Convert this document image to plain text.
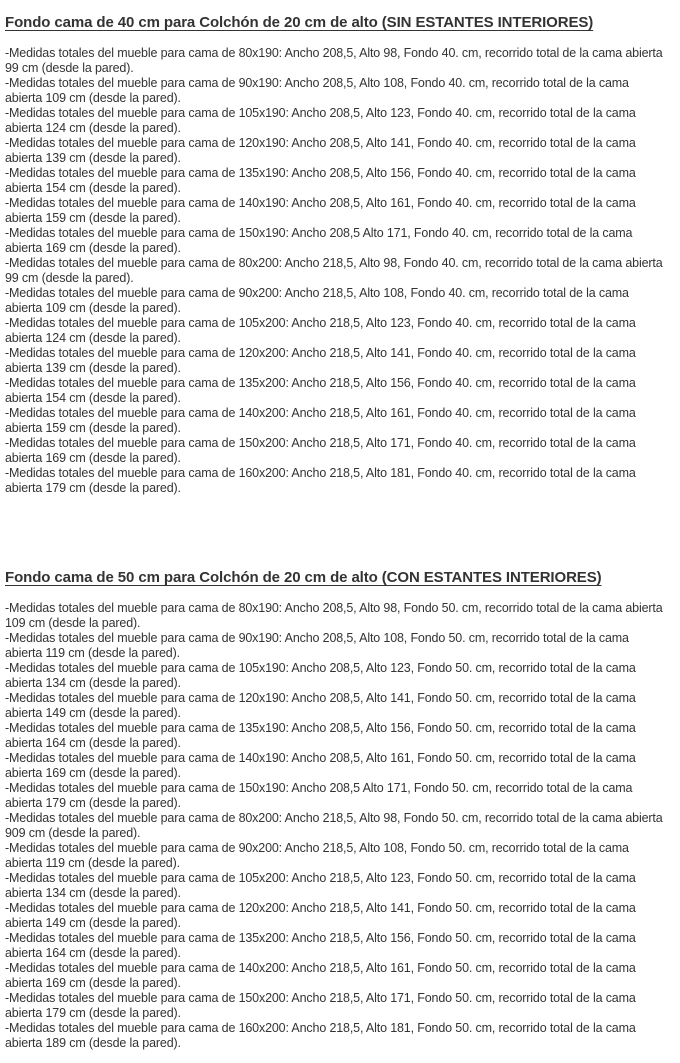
Fondo cama de 40 cm para Colchón de 20 cm de alto (SIN ESTANTES INTERIORES)
-Medidas totales del mueble para cama de 80x190: Ancho 208,5, Alto 98, Fondo 40. cm, recorrido total de la cama abierta 99 cm (desde la pared).
-Medidas totales del mueble para cama de 90x190: Ancho 208,5, Alto 108, Fondo 40. cm, recorrido total de la cama abierta 109 cm (desde la pared).
-Medidas totales del mueble para cama de 105x190: Ancho 208,5, Alto 123, Fondo 40. cm, recorrido total de la cama abierta 124 cm (desde la pared).
-Medidas totales del mueble para cama de 120x190: Ancho 208,5, Alto 141, Fondo 40. cm, recorrido total de la cama abierta 139 cm (desde la pared).
-Medidas totales del mueble para cama de 135x190: Ancho 208,5, Alto 156, Fondo 40. cm, recorrido total de la cama abierta 154 cm (desde la pared).
-Medidas totales del mueble para cama de 140x190: Ancho 208,5, Alto 161, Fondo 40. cm, recorrido total de la cama abierta 159 cm (desde la pared).
-Medidas totales del mueble para cama de 150x190: Ancho 208,5 Alto 171, Fondo 40. cm, recorrido total de la cama abierta 169 cm (desde la pared).
-Medidas totales del mueble para cama de 80x200: Ancho 218,5, Alto 98, Fondo 40. cm, recorrido total de la cama abierta 99 cm (desde la pared).
-Medidas totales del mueble para cama de 90x200: Ancho 218,5, Alto 108, Fondo 40. cm, recorrido total de la cama abierta 109 cm (desde la pared).
-Medidas totales del mueble para cama de 105x200: Ancho 218,5, Alto 123, Fondo 40. cm, recorrido total de la cama abierta 124 cm (desde la pared).
-Medidas totales del mueble para cama de 120x200: Ancho 218,5, Alto 141, Fondo 40. cm, recorrido total de la cama abierta 139 cm (desde la pared).
-Medidas totales del mueble para cama de 135x200: Ancho 218,5, Alto 156, Fondo 40. cm, recorrido total de la cama abierta 154 cm (desde la pared).
-Medidas totales del mueble para cama de 140x200: Ancho 218,5, Alto 161, Fondo 40. cm, recorrido total de la cama abierta 159 cm (desde la pared).
-Medidas totales del mueble para cama de 150x200: Ancho 218,5, Alto 171, Fondo 40. cm, recorrido total de la cama abierta 169 cm (desde la pared).
-Medidas totales del mueble para cama de 160x200: Ancho 218,5, Alto 181, Fondo 40. cm, recorrido total de la cama abierta 179 cm (desde la pared).
Fondo cama de 50 cm para Colchón de 20 cm de alto (CON ESTANTES INTERIORES)
-Medidas totales del mueble para cama de 80x190: Ancho 208,5, Alto 98, Fondo 50. cm, recorrido total de la cama abierta 109 cm (desde la pared).
-Medidas totales del mueble para cama de 90x190: Ancho 208,5, Alto 108, Fondo 50. cm, recorrido total de la cama abierta 119 cm (desde la pared).
-Medidas totales del mueble para cama de 105x190: Ancho 208,5, Alto 123, Fondo 50. cm, recorrido total de la cama abierta 134 cm (desde la pared).
-Medidas totales del mueble para cama de 120x190: Ancho 208,5, Alto 141, Fondo 50. cm, recorrido total de la cama abierta 149 cm (desde la pared).
-Medidas totales del mueble para cama de 135x190: Ancho 208,5, Alto 156, Fondo 50. cm, recorrido total de la cama abierta 164 cm (desde la pared).
-Medidas totales del mueble para cama de 140x190: Ancho 208,5, Alto 161, Fondo 50. cm, recorrido total de la cama abierta 169 cm (desde la pared).
-Medidas totales del mueble para cama de 150x190: Ancho 208,5 Alto 171, Fondo 50. cm, recorrido total de la cama abierta 179 cm (desde la pared).
-Medidas totales del mueble para cama de 80x200: Ancho 218,5, Alto 98, Fondo 50. cm, recorrido total de la cama abierta 909 cm (desde la pared).
-Medidas totales del mueble para cama de 90x200: Ancho 218,5, Alto 108, Fondo 50. cm, recorrido total de la cama abierta 119 cm (desde la pared).
-Medidas totales del mueble para cama de 105x200: Ancho 218,5, Alto 123, Fondo 50. cm, recorrido total de la cama abierta 134 cm (desde la pared).
-Medidas totales del mueble para cama de 120x200: Ancho 218,5, Alto 141, Fondo 50. cm, recorrido total de la cama abierta 149 cm (desde la pared).
-Medidas totales del mueble para cama de 135x200: Ancho 218,5, Alto 156, Fondo 50. cm, recorrido total de la cama abierta 164 cm (desde la pared).
-Medidas totales del mueble para cama de 140x200: Ancho 218,5, Alto 161, Fondo 50. cm, recorrido total de la cama abierta 169 cm (desde la pared).
-Medidas totales del mueble para cama de 150x200: Ancho 218,5, Alto 171, Fondo 50. cm, recorrido total de la cama abierta 179 cm (desde la pared).
-Medidas totales del mueble para cama de 160x200: Ancho 218,5, Alto 181, Fondo 50. cm, recorrido total de la cama abierta 189 cm (desde la pared).
